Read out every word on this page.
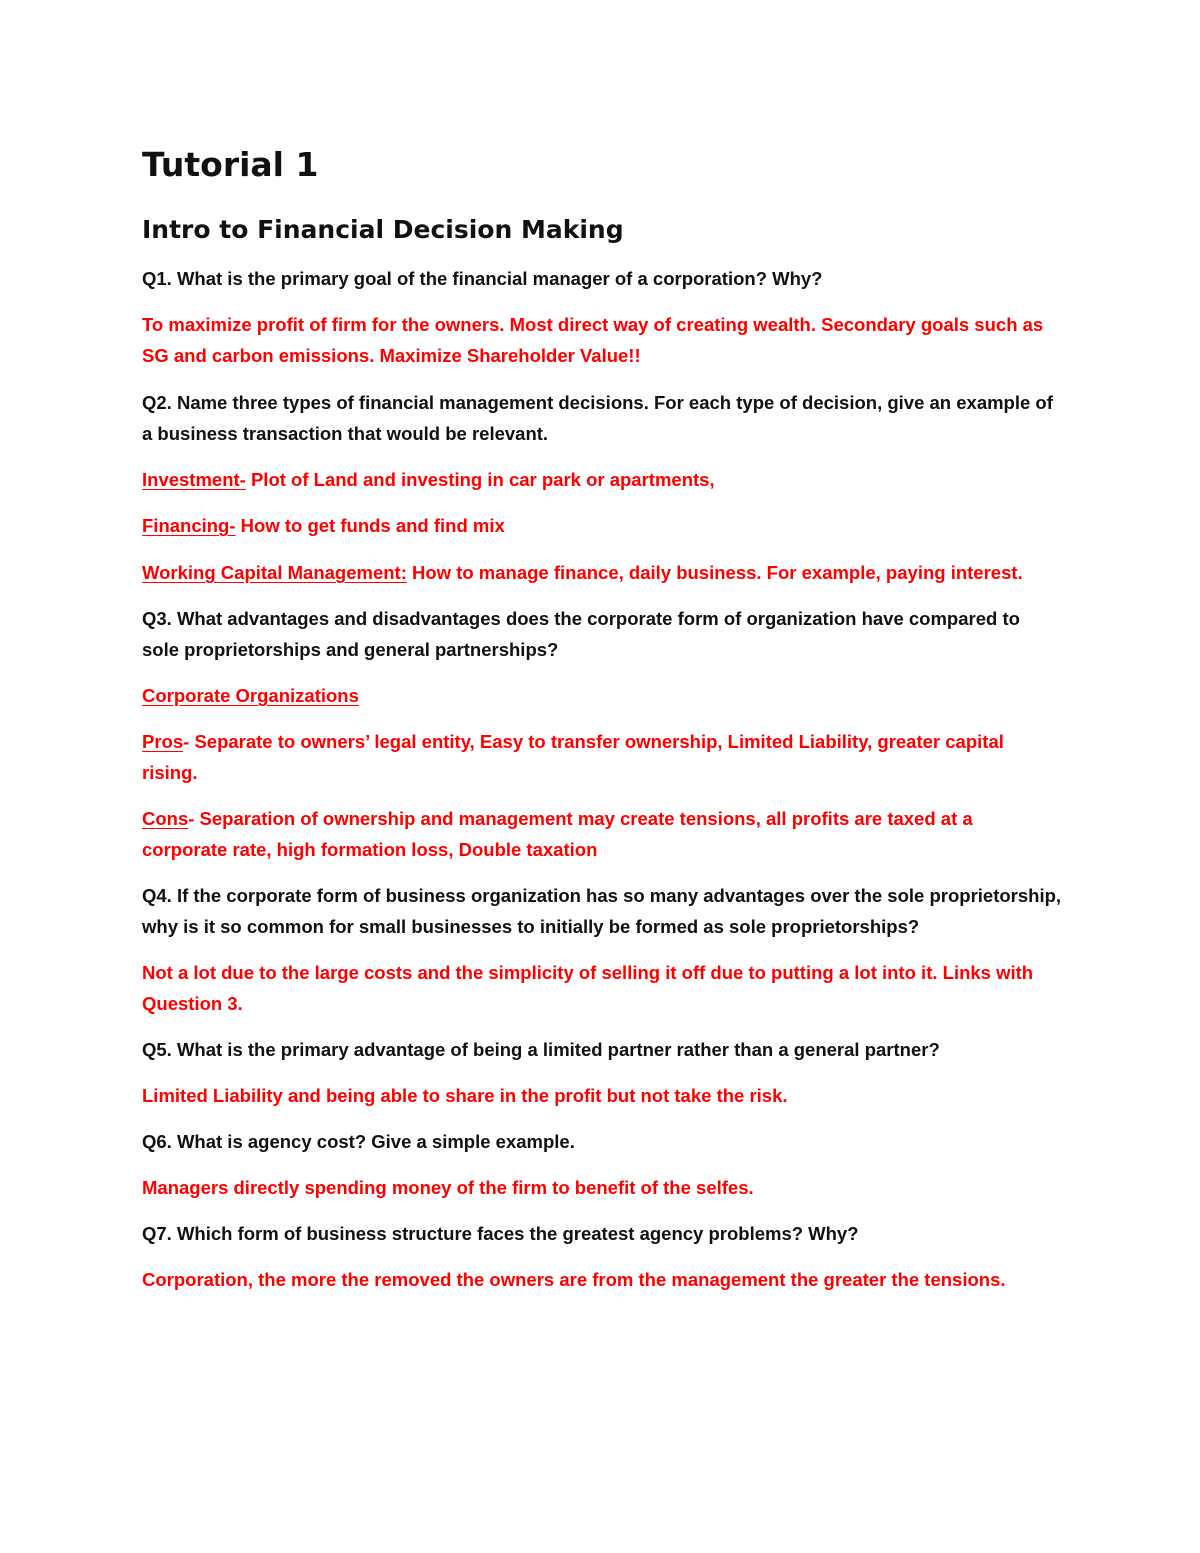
Tutorial 1
Intro to Financial Decision Making

Q1. What is the primary goal of the financial manager of a corporation? Why?

To maximize profit of firm for the owners. Most direct way of creating wealth. Secondary goals such as SG and carbon emissions. Maximize Shareholder Value!!

Q2. Name three types of financial management decisions. For each type of decision, give an example of a business transaction that would be relevant.

Investment- Plot of Land and investing in car park or apartments,

Financing- How to get funds and find mix

Working Capital Management: How to manage finance, daily business. For example, paying interest.

Q3. What advantages and disadvantages does the corporate form of organization have compared to sole proprietorships and general partnerships?

Corporate Organizations

Pros- Separate to owners’ legal entity, Easy to transfer ownership, Limited Liability, greater capital rising.

Cons- Separation of ownership and management may create tensions, all profits are taxed at a corporate rate, high formation loss, Double taxation

Q4. If the corporate form of business organization has so many advantages over the sole proprietorship, why is it so common for small businesses to initially be formed as sole proprietorships?

Not a lot due to the large costs and the simplicity of selling it off due to putting a lot into it. Links with Question 3.

Q5. What is the primary advantage of being a limited partner rather than a general partner?

Limited Liability and being able to share in the profit but not take the risk.

Q6. What is agency cost? Give a simple example.

Managers directly spending money of the firm to benefit of the selfes.

Q7. Which form of business structure faces the greatest agency problems? Why?

Corporation, the more the removed the owners are from the management the greater the tensions.
